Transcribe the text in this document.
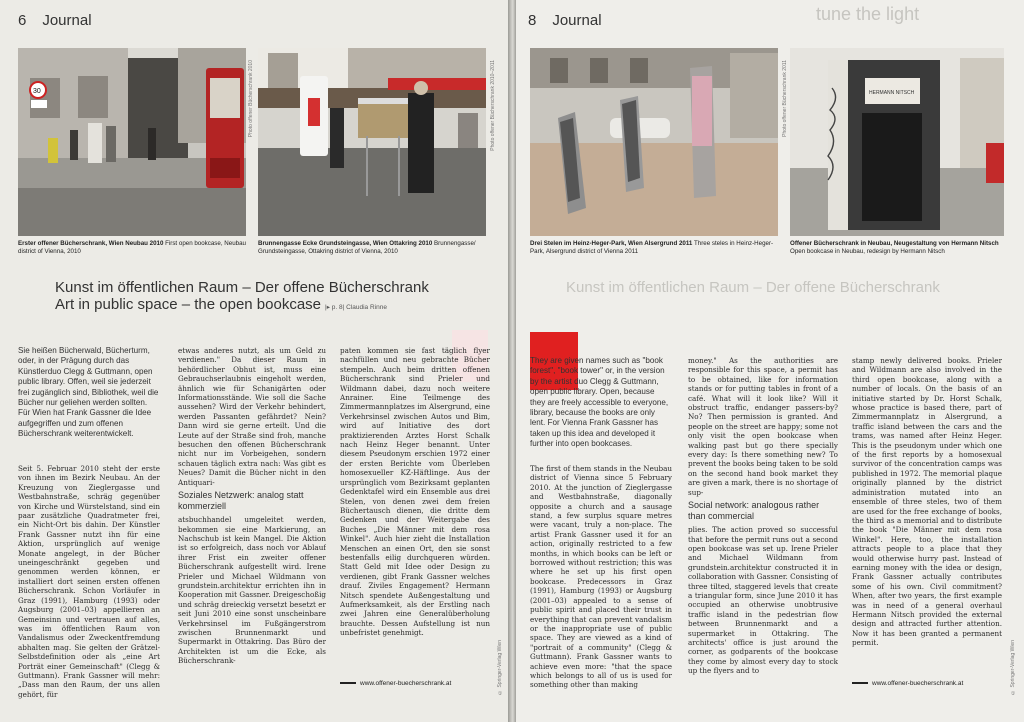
6 Journal
30	Photo offener Bücherschrank 2010	Photo offener Bücherschrank 2010–2011
Erster offener Bücherschrank, Wien Neubau 2010 First open bookcase, Neubau district of Vienna, 2010
Brunnengasse Ecke Grundsteingasse, Wien Ottakring 2010 Brunnengasse/ Grundsteingasse, Ottakring district of Vienna, 2010
Kunst im öffentlichen Raum – Der offene Bücherschrank
Art in public space – the open bookcase |▸ p. 8| Claudia Rinne
Sie heißen Bücherwald, Bücherturm, oder, in der Prägung durch das Künstlerduo Clegg & Guttmann, open public library. Offen, weil sie jederzeit frei zugänglich sind, Bibliothek, weil die Bücher nur geliehen werden sollten. Für Wien hat Frank Gassner die Idee aufgegriffen und zum offenen Bücherschrank weiterentwickelt.
Seit 5. Februar 2010 steht der erste von ihnen im Bezirk Neubau. An der Kreuzung von Zieglergasse und Westbahnstraße, schräg gegenüber von Kirche und Würstelstand, sind ein paar zusätzliche Quadratmeter frei, ein Nicht-Ort bis dahin. Der Künstler Frank Gassner nutzt ihn für eine Aktion, ursprünglich auf wenige Monate angelegt, in der Bücher uneingeschränkt gegeben und genommen werden können, er installiert dort seinen ersten offenen Bücherschrank. Schon Vorläufer in Graz (1991), Hamburg (1993) oder Augsburg (2001–03) appellieren an Gemeinsinn und vertrauen auf alles, was im öffentlichen Raum von Vandalismus oder Zweckentfremdung abhalten mag. Sie gelten der Grätzel-Selbstdefinition oder als „eine Art Porträt einer Gemeinschaft" (Clegg & Guttmann). Frank Gassner will mehr: „Dass man den Raum, der uns allen gehört, für

etwas anderes nutzt, als um Geld zu verdienen." Da dieser Raum in behördlicher Obhut ist, muss eine Gebrauchserlaubnis eingeholt werden, ähnlich wie für Schanigärten oder Informationsstände. Wie soll die Sache aussehen? Wird der Verkehr behindert, werden Passanten gefährdet? Nein? Dann wird sie gerne erteilt. Und die Leute auf der Straße sind froh, manche besuchen den offenen Bücherschrank nicht nur im Vorbeigehen, sondern schauen täglich extra nach: Was gibt es Neues? Damit die Bücher nicht in den Antiquari-

Soziales Netzwerk: analog statt kommerziell

atsbuchhandel umgeleitet werden, bekommen sie eine Markierung, an Nachschub ist kein Mangel. Die Aktion ist so erfolgreich, dass noch vor Ablauf ihrer Frist ein zweiter offener Bücherschrank aufgestellt wird. Irene Prieler und Michael Wildmann von grundstein.architektur errichten ihn in Kooperation mit Gassner. Dreigeschoßig und schräg dreieckig versetzt besetzt er seit Juni 2010 eine sonst unscheinbare Verkehrsinsel im Fußgängerstrom zwischen Brunnenmarkt und Supermarkt in Ottakring. Das Büro der Architekten ist um die Ecke, als Bücherschrank-

paten kommen sie fast täglich flyer nachfüllen und neu gebrachte Bücher stempeln. Auch beim dritten offenen Bücherschrank sind Prieler und Wildmann dabei, dazu noch weitere Anrainer. Eine Teilmenge des Zimmermannplatzes im Alsergrund, eine Verkehrsinsel zwischen Autos und Bim, wird auf Initiative des dort praktizierenden Arztes Horst Schalk nach Heinz Heger benannt. Unter diesem Pseudonym erschien 1972 einer der ersten Berichte vom Überleben homosexueller KZ-Häftlinge. Aus der ursprünglich vom Bezirksamt geplanten Gedenktafel wird ein Ensemble aus drei Stelen, von denen zwei dem freien Büchertausch dienen, die dritte dem Gedenken und der Weitergabe des Buches „Die Männer mit dem rosa Winkel". Auch hier zieht die Installation Menschen an einen Ort, den sie sonst bestenfalls eilig durchqueren würden. Statt Geld mit Idee oder Design zu verdienen, gibt Frank Gassner welches drauf. Ziviles Engagement? Hermann Nitsch spendete Außengestaltung und Aufmerksamkeit, als der Erstling nach zwei Jahren eine Generalüberholung brauchte. Dessen Aufstellung ist nun unbefristet genehmigt.
www.offener-buecherschrank.at	© Springer-Verlag Wien
8 Journal	tune the light
Photo offener Bücherschrank 2011	HERMANN NITSCH
Drei Stelen im Heinz-Heger-Park, Wien Alsergrund 2011 Three steles in Heinz-Heger-Park, Alsergrund district of Vienna 2011
Offener Bücherschrank in Neubau, Neugestaltung von Hermann Nitsch Open bookcase in Neubau, redesign by Hermann Nitsch
Kunst im öffentlichen Raum – Der offene Bücherschrank
They are given names such as "book forest", "book tower" or, in the version by the artist duo Clegg & Guttmann, open public library. Open, because they are freely accessible to everyone, library, because the books are only lent. For Vienna Frank Gassner has taken up this idea and developed it further into open bookcases.
The first of them stands in the Neubau district of Vienna since 5 February 2010. At the junction of Zieglergasse and Westbahnstraße, diagonally opposite a church and a sausage stand, a few surplus square metres were vacant, truly a non-place. The artist Frank Gassner used it for an action, originally restricted to a few months, in which books can be left or borrowed without restriction; this was where he set up his first open bookcase. Predecessors in Graz (1991), Hamburg (1993) or Augsburg (2001–03) appealed to a sense of public spirit and placed their trust in everything that can prevent vandalism or the inappropriate use of public space. They are viewed as a kind of "portrait of a community" (Clegg & Guttmann). Frank Gassner wants to achieve even more: "that the space which belongs to all of us is used for something other than making

money." As the authorities are responsible for this space, a permit has to be obtained, like for information stands or for putting tables in front of a café. What will it look like? Will it obstruct traffic, endanger passers-by? No? Then permission is granted. And people on the street are happy; some not only visit the open bookcase when walking past but go there specially every day: Is there something new? To prevent the books being taken to be sold on the second hand book market they are given a mark, there is no shortage of sup-

Social network: analogous rather than commercial

plies. The action proved so successful that before the permit runs out a second open bookcase was set up. Irene Prieler and Michael Wildmann from grundstein.architektur constructed it in collaboration with Gassner. Consisting of three tilted, staggered levels that create a triangular form, since June 2010 it has occupied an otherwise unobtrusive traffic island in the pedestrian flow between Brunnenmarkt and a supermarket in Ottakring. The architects' office is just around the corner, as godparents of the bookcase they come by almost every day to stock up the flyers and to

stamp newly delivered books. Prieler and Wildmann are also involved in the third open bookcase, along with a number of locals. On the basis of an initiative started by Dr. Horst Schalk, whose practice is based there, part of Zimmermannplatz in Alsergrund, a traffic island between the cars and the trams, was named after Heinz Heger. This is the pseudonym under which one of the first reports by a homosexual survivor of the concentration camps was published in 1972. The memorial plaque originally planned by the district administration mutated into an ensemble of three steles, two of them are used for the free exchange of books, the third as a memorial and to distribute the book "Die Männer mit dem rosa Winkel". Here, too, the installation attracts people to a place that they would otherwise hurry past. Instead of earning money with the idea or design, Frank Gassner actually contributes some of his own. Civil commitment? When, after two years, the first example was in need of a general overhaul Hermann Nitsch provided the external design and attracted further attention. Now it has been granted a permanent permit.
www.offener-buecherschrank.at	© Springer-Verlag Wien
